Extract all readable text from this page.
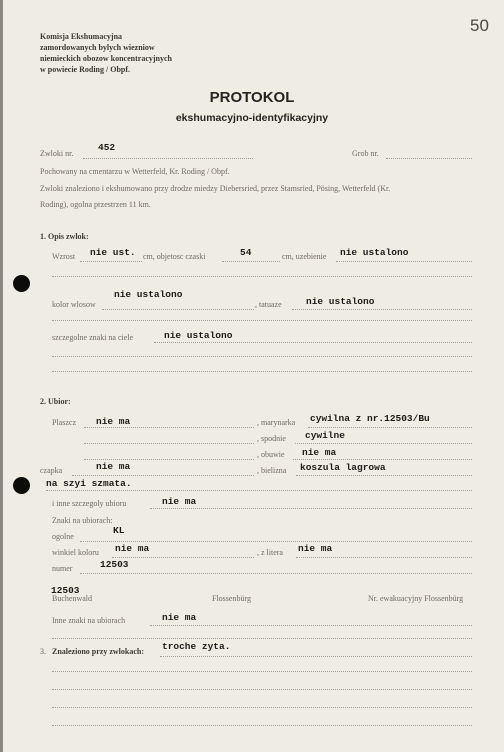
50
Komisja Ekshumacyjna
zamordowanych bylych wiezniow
niemieckich obozow koncentracyjnych
w powiecie Roding / Obpf.
PROTOKOL
ekshumacyjno-identyfikacyjny
Zwloki nr.
452
Grob nr.
Pochowany na cmentarzu w Wetterfeld, Kr. Roding / Obpf.
Zwloki znaleziono i ekshumowano przy drodze miedzy Diebersried, przez Stamsried, Pösing, Wetterfeld (Kr.
Roding), ogolna przestrzen 11 km.
1. Opis zwlok:
Wzrost nie ust. cm, objetosc czaski	54	cm, uzebienie nie ustalono
kolor wlosow
nie ustalono
, tatuaze	nie ustalono
szczegolne znaki na ciele	nie ustalono
2. Ubior:
Plaszcz nie ma	, marynarka cywilna z nr.12503/Bu
, spodnie cywilne
, obuwie nie ma
czapka	nie ma	, bielizna koszula lagrowa
na szyi szmata.
i inne szczegoly ubioru	nie ma
Znaki na ubiorach:
ogolne
KL
winkiel koloru nie ma	, z litera nie ma
numer	12503
12503
Buchenwald	Flossenbürg	Nr. ewakuacyjny Flossenbürg
Inne znaki na ubiorach	nie ma
3. Znaleziono przy zwlokach: troche zyta.
